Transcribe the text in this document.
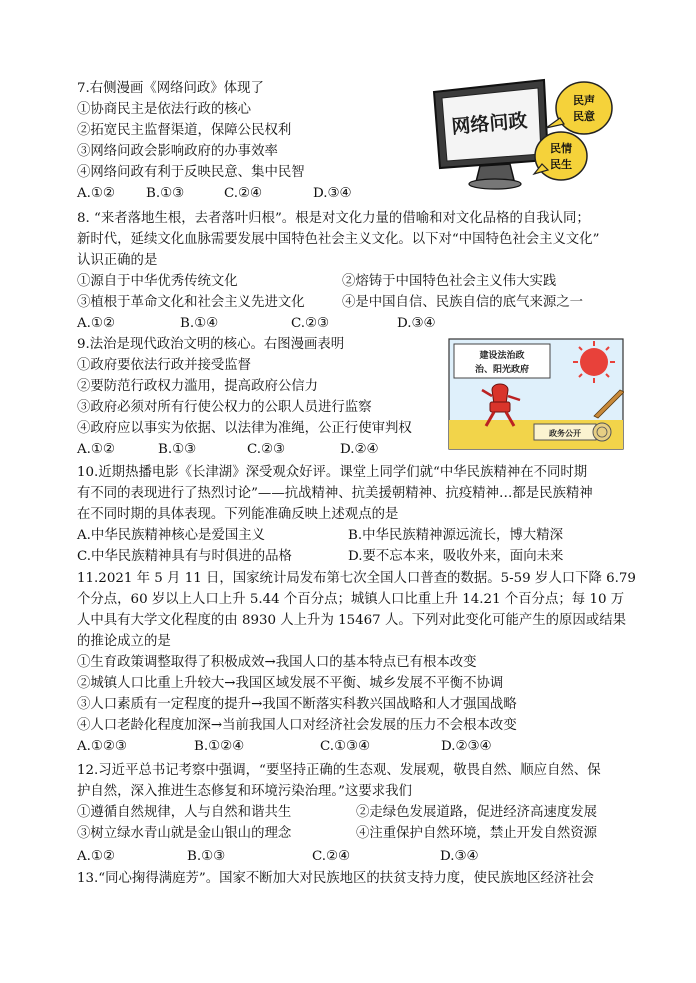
7.右侧漫画《网络问政》体现了
①协商民主是依法行政的核心
②拓宽民主监督渠道，保障公民权利
③网络问政会影响政府的办事效率
④网络问政有利于反映民意、集中民智
A.①② B.①③	C.②④	D.③④
网络问政
民声
民意
民情
民生
8. “来者落地生根，去者落叶归根”。根是对文化力量的借喻和对文化品格的自我认同；
新时代，延续文化血脉需要发展中国特色社会主义文化。以下对“中国特色社会主义文化”
认识正确的是
①源自于中华优秀传统文化	②熔铸于中国特色社会主义伟大实践
③植根于革命文化和社会主义先进文化	④是中国自信、民族自信的底气来源之一
A.①②	B.①④	C.②③	D.③④
9.法治是现代政治文明的核心。右图漫画表明
①政府要依法行政并接受监督
②要防范行政权力滥用，提高政府公信力
③政府必须对所有行使公权力的公职人员进行监察
④政府应以事实为依据、以法律为准绳，公正行使审判权
A.①②	B.①③	C.②③	D.②④
建设法治政
治、阳光政府
政务公开
10.近期热播电影《长津湖》深受观众好评。课堂上同学们就“中华民族精神在不同时期
有不同的表现进行了热烈讨论”——抗战精神、抗美援朝精神、抗疫精神…都是民族精神
在不同时期的具体表现。下列能准确反映上述观点的是
A.中华民族精神核心是爱国主义	B.中华民族精神源远流长，博大精深
C.中华民族精神具有与时俱进的品格	D.要不忘本来，吸收外来，面向未来
11.2021 年 5 月 11 日，国家统计局发布第七次全国人口普查的数据。5-59 岁人口下降 6.79
个分点，60 岁以上人口上升 5.44 个百分点；城镇人口比重上升 14.21 个百分点；每 10 万
人中具有大学文化程度的由 8930 人上升为 15467 人。下列对此变化可能产生的原因或结果
的推论成立的是
①生育政策调整取得了积极成效→我国人口的基本特点已有根本改变
②城镇人口比重上升较大→我国区域发展不平衡、城乡发展不平衡不协调
③人口素质有一定程度的提升→我国不断落实科教兴国战略和人才强国战略
④人口老龄化程度加深→当前我国人口对经济社会发展的压力不会根本改变
A.①②③	B.①②④	C.①③④	D.②③④
12.习近平总书记考察中强调，“要坚持正确的生态观、发展观，敬畏自然、顺应自然、保
护自然，深入推进生态修复和环境污染治理。”这要求我们
①遵循自然规律，人与自然和谐共生	②走绿色发展道路，促进经济高速度发展
③树立绿水青山就是金山银山的理念	④注重保护自然环境，禁止开发自然资源
A.①②	B.①③	C.②④	D.③④
13.“同心掬得满庭芳”。国家不断加大对民族地区的扶贫支持力度，使民族地区经济社会
